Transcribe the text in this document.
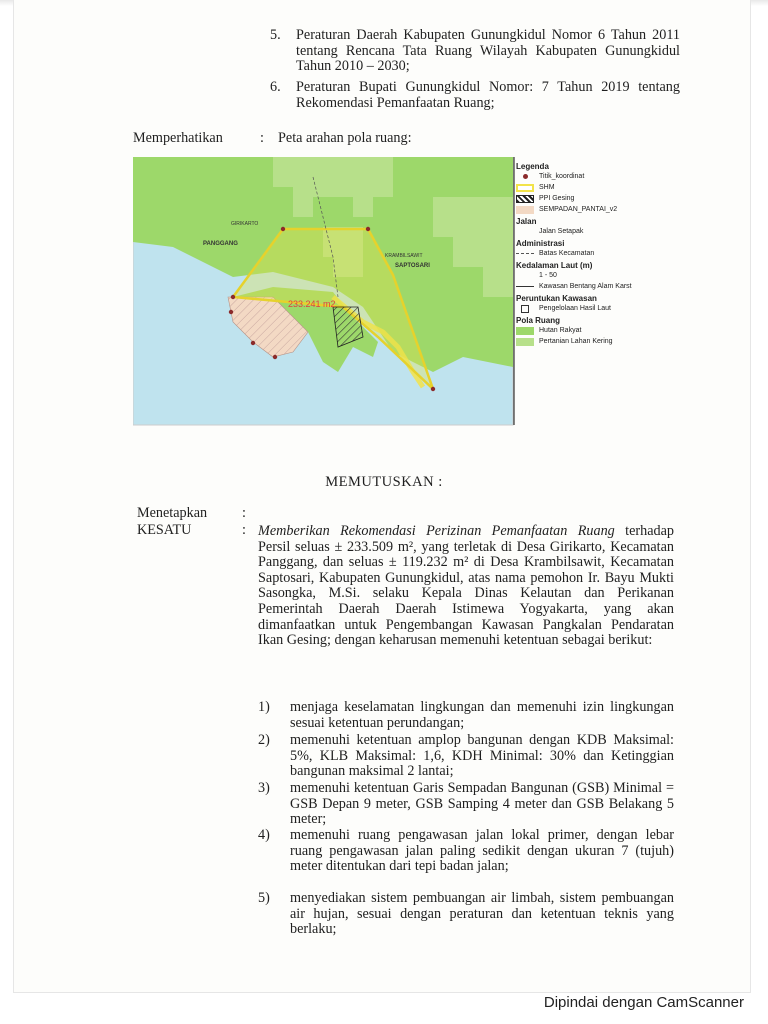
5. Peraturan Daerah Kabupaten Gunungkidul Nomor 6 Tahun 2011 tentang Rencana Tata Ruang Wilayah Kabupaten Gunungkidul Tahun 2010 – 2030;
6. Peraturan Bupati Gunungkidul Nomor: 7 Tahun 2019 tentang Rekomendasi Pemanfaatan Ruang;
Memperhatikan	: Peta arahan pola ruang:
GIRIKARTO
PANGGANG
KRAMBILSAWIT
SAPTOSARI
233.241 m2
Legenda
Titik_koordinat
SHM
PPI Gesing
SEMPADAN_PANTAI_v2
Jalan
Jalan Setapak
Administrasi
Batas Kecamatan
Kedalaman Laut (m)
1 - 50
Kawasan Bentang Alam Karst
Peruntukan Kawasan
Pengelolaan Hasil Laut
Pola Ruang
Hutan Rakyat
Pertanian Lahan Kering
MEMUTUSKAN :
Menetapkan :
KESATU	: Memberikan Rekomendasi Perizinan Pemanfaatan Ruang terhadap Persil seluas ± 233.509 m², yang terletak di Desa Girikarto, Kecamatan Panggang, dan seluas ± 119.232 m² di Desa Krambilsawit, Kecamatan Saptosari, Kabupaten Gunungkidul, atas nama pemohon Ir. Bayu Mukti Sasongka, M.Si. selaku Kepala Dinas Kelautan dan Perikanan Pemerintah Daerah Daerah Istimewa Yogyakarta, yang akan dimanfaatkan untuk Pengembangan Kawasan Pangkalan Pendaratan Ikan Gesing; dengan keharusan memenuhi ketentuan sebagai berikut:
1) menjaga keselamatan lingkungan dan memenuhi izin lingkungan sesuai ketentuan perundangan;
2) memenuhi ketentuan amplop bangunan dengan KDB Maksimal: 5%, KLB Maksimal: 1,6, KDH Minimal: 30% dan Ketinggian bangunan maksimal 2 lantai;
3) memenuhi ketentuan Garis Sempadan Bangunan (GSB) Minimal = GSB Depan 9 meter, GSB Samping 4 meter dan GSB Belakang 5 meter;
4) memenuhi ruang pengawasan jalan lokal primer, dengan lebar ruang pengawasan jalan paling sedikit dengan ukuran 7 (tujuh) meter ditentukan dari tepi badan jalan;
5) menyediakan sistem pembuangan air limbah, sistem pembuangan air hujan, sesuai dengan peraturan dan ketentuan teknis yang berlaku;
Dipindai dengan CamScanner
